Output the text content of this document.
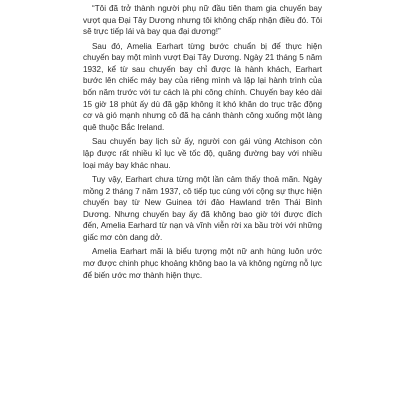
“Tôi đã trở thành người phụ nữ đầu tiên tham gia chuyến bay vượt qua Đại Tây Dương nhưng tôi không chấp nhận điều đó. Tôi sẽ trực tiếp lái và bay qua đại dương!”

Sau đó, Amelia Earhart từng bước chuẩn bị để thực hiện chuyến bay một mình vượt Đại Tây Dương. Ngày 21 tháng 5 năm 1932, kể từ sau chuyến bay chỉ được là hành khách, Earhart bước lên chiếc máy bay của riêng mình và lập lại hành trình của bốn năm trước với tư cách là phi công chính. Chuyến bay kéo dài 15 giờ 18 phút ấy dù đã gặp không ít khó khăn do trục trặc động cơ và gió mạnh nhưng cô đã hạ cánh thành công xuống một làng quê thuộc Bắc Ireland.

Sau chuyến bay lịch sử ấy, người con gái vùng Atchison còn lập được rất nhiều kỉ lục về tốc độ, quãng đường bay với nhiều loại máy bay khác nhau.

Tuy vậy, Earhart chưa từng một lần cảm thấy thoả mãn. Ngày mồng 2 tháng 7 năm 1937, cô tiếp tục cùng với cộng sự thực hiện chuyến bay từ New Guinea tới đảo Hawland trên Thái Bình Dương. Nhưng chuyến bay ấy đã không bao giờ tới được đích đến, Amelia Earhard từ nạn và vĩnh viễn rời xa bầu trời với những giấc mơ còn dang dở.

Amelia Earhart mãi là biểu tượng một nữ anh hùng luôn ước mơ được chinh phục khoảng không bao la và không ngừng nỗ lực để biến ước mơ thành hiện thực.
